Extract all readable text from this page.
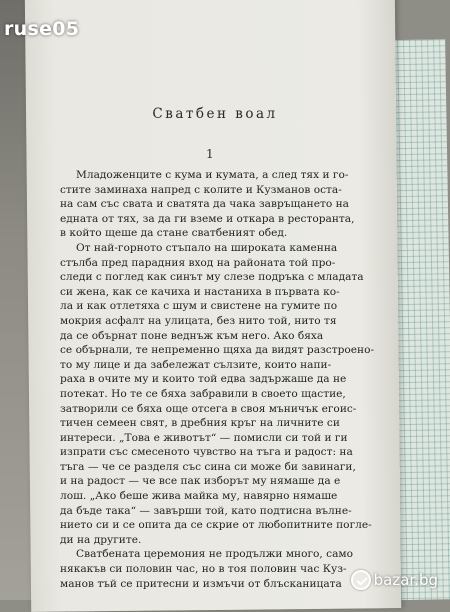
Сватбен воал
1
Младоженците с кума и кумата, а след тях и го-
стите заминаха напред с колите и Кузманов оста-
на сам със свата и сватята да чака завръщането на
едната от тях, за да ги вземе и откара в ресторанта,
в който щеше да стане сватбеният обед.
От най-горното стъпало на широката каменна
стълба пред парадния вход на районата той про-
следи с поглед как синът му слезе подръка с младата
си жена, как се качиха и настаниха в първата ко-
ла и как отлетяха с шум и свистене на гумите по
мокрия асфалт на улицата, без нито той, нито тя
да се обърнат поне веднъж към него. Ако бяха
се обърнали, те непременно щяха да видят разстроено-
то му лице и да забележат сълзите, които напи-
раха в очите му и които той едва задържаше да не
потекат. Но те се бяха забравили в своето щастие,
затворили се бяха още отсега в своя мъничък егоис-
тичен семеен свят, в дребния кръг на личните си
интереси. „Това е животът“ — помисли си той и ги
изпрати със смесеното чувство на тъга и радост: на
тъга — че се разделя със сина си може би завинаги,
и на радост — че все пак изборът му нямаше да е
лош. „Ако беше жива майка му, навярно нямаше
да бъде така“ — завърши той, като подтисна вълне-
нието си и се опита да се скрие от любопитните погле-
ди на другите.
Сватбената церемония не продължи много, само
някакъв си половин час, но в тоя половин час Куз-
манов тъй се притесни и измъчи от блъсканицата
ruse05
bazar.bg
